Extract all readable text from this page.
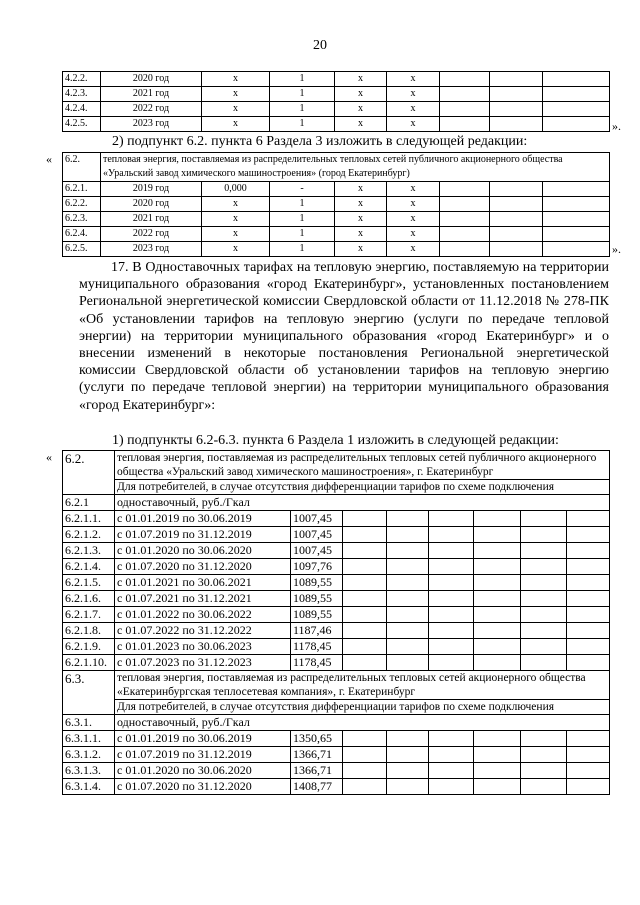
20
4.2.2.	2020 год	x	1	x	x			
4.2.3.	2021 год	x	1	x	x			
4.2.4.	2022 год	x	1	x	x			
4.2.5.	2023 год	x	1	x	x				».
2) подпункт 6.2. пункта 6 Раздела 3 изложить в следующей редакции:
« 6.2.	тепловая энергия, поставляемая из распределительных тепловых сетей публичного акционерного общества «Уральский завод химического машиностроения» (город Екатеринбург)							
6.2.1.	2019 год	0,000	-	x	x			
6.2.2.	2020 год	x	1	x	x			
6.2.3.	2021 год	x	1	x	x			
6.2.4.	2022 год	x	1	x	x			
6.2.5.	2023 год	x	1	x	x				».
17. В Одноставочных тарифах на тепловую энергию, поставляемую на территории муниципального образования «город Екатеринбург», установленных постановлением Региональной энергетической комиссии Свердловской области от 11.12.2018 № 278-ПК «Об установлении тарифов на тепловую энергию (услуги по передаче тепловой энергии) на территории муниципального образования «город Екатеринбург» и о внесении изменений в некоторые постановления Региональной энергетической комиссии Свердловской области об установлении тарифов на тепловую энергию (услуги по передаче тепловой энергии) на территории муниципального образования «город Екатеринбург»:
1) подпункты 6.2-6.3. пункта 6 Раздела 1 изложить в следующей редакции:
« 6.2.	тепловая энергия, поставляемая из распределительных тепловых сетей публичного акционерного общества «Уральский завод химического машиностроения», г. Екатеринбург							
	Для потребителей, в случае отсутствия дифференциации тарифов по схеме подключения							
6.2.1	одноставочный, руб./Гкал							
6.2.1.1.	с 01.01.2019 по 30.06.2019	1007,45						
6.2.1.2.	с 01.07.2019 по 31.12.2019	1007,45						
6.2.1.3.	с 01.01.2020 по 30.06.2020	1007,45						
6.2.1.4.	с 01.07.2020 по 31.12.2020	1097,76						
6.2.1.5.	с 01.01.2021 по 30.06.2021	1089,55						
6.2.1.6.	с 01.07.2021 по 31.12.2021	1089,55						
6.2.1.7.	с 01.01.2022 по 30.06.2022	1089,55						
6.2.1.8.	с 01.07.2022 по 31.12.2022	1187,46						
6.2.1.9.	с 01.01.2023 по 30.06.2023	1178,45						
6.2.1.10.	с 01.07.2023 по 31.12.2023	1178,45						
6.3.	тепловая энергия, поставляемая из распределительных тепловых сетей акционерного общества «Екатеринбургская теплосетевая компания», г. Екатеринбург							
	Для потребителей, в случае отсутствия дифференциации тарифов по схеме подключения							
6.3.1.	одноставочный, руб./Гкал							
6.3.1.1.	с 01.01.2019 по 30.06.2019	1350,65						
6.3.1.2.	с 01.07.2019 по 31.12.2019	1366,71						
6.3.1.3.	с 01.01.2020 по 30.06.2020	1366,71						
6.3.1.4.	с 01.07.2020 по 31.12.2020	1408,77						
